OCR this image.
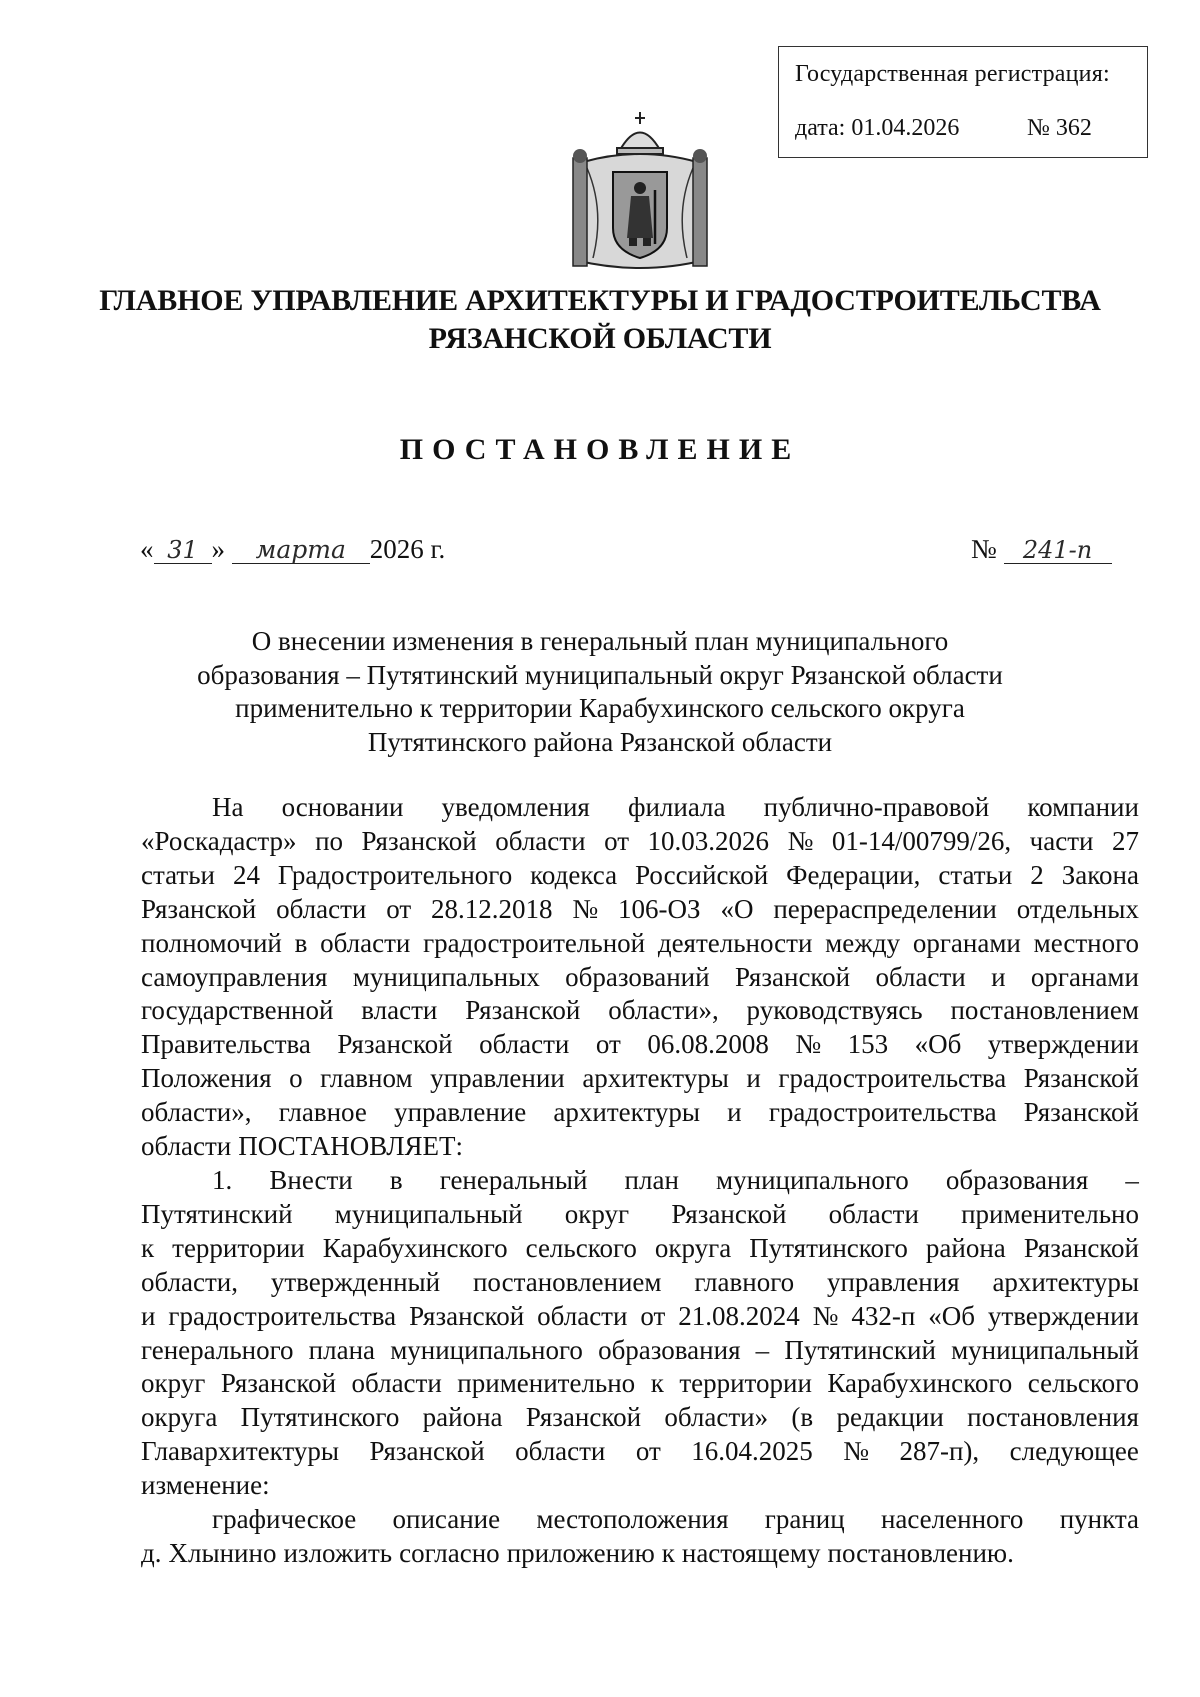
Государственная регистрация:
дата: 01.04.2026	№ 362
ГЛАВНОЕ УПРАВЛЕНИЕ АРХИТЕКТУРЫ И ГРАДОСТРОИТЕЛЬСТВА
РЯЗАНСКОЙ ОБЛАСТИ
ПОСТАНОВЛЕНИЕ
« 31 » марта 2026 г.	№ 241-п
О внесении изменения в генеральный план муниципального
образования – Путятинский муниципальный округ Рязанской области
применительно к территории Карабухинского сельского округа
Путятинского района Рязанской области
На основании уведомления филиала публично-правовой компании
«Роскадастр» по Рязанской области от 10.03.2026 № 01-14/00799/26, части 27
статьи 24 Градостроительного кодекса Российской Федерации, статьи 2 Закона
Рязанской области от 28.12.2018 № 106-ОЗ «О перераспределении отдельных
полномочий в области градостроительной деятельности между органами местного
самоуправления муниципальных образований Рязанской области и органами
государственной власти Рязанской области», руководствуясь постановлением
Правительства Рязанской области от 06.08.2008 № 153 «Об утверждении
Положения о главном управлении архитектуры и градостроительства Рязанской
области», главное управление архитектуры и градостроительства Рязанской
области ПОСТАНОВЛЯЕТ:
1. Внести в генеральный план муниципального образования –
Путятинский муниципальный округ Рязанской области применительно
к территории Карабухинского сельского округа Путятинского района Рязанской
области, утвержденный постановлением главного управления архитектуры
и градостроительства Рязанской области от 21.08.2024 № 432-п «Об утверждении
генерального плана муниципального образования – Путятинский муниципальный
округ Рязанской области применительно к территории Карабухинского сельского
округа Путятинского района Рязанской области» (в редакции постановления
Главархитектуры Рязанской области от 16.04.2025 № 287-п), следующее
изменение:
графическое описание местоположения границ населенного пункта
д. Хлынино изложить согласно приложению к настоящему постановлению.
